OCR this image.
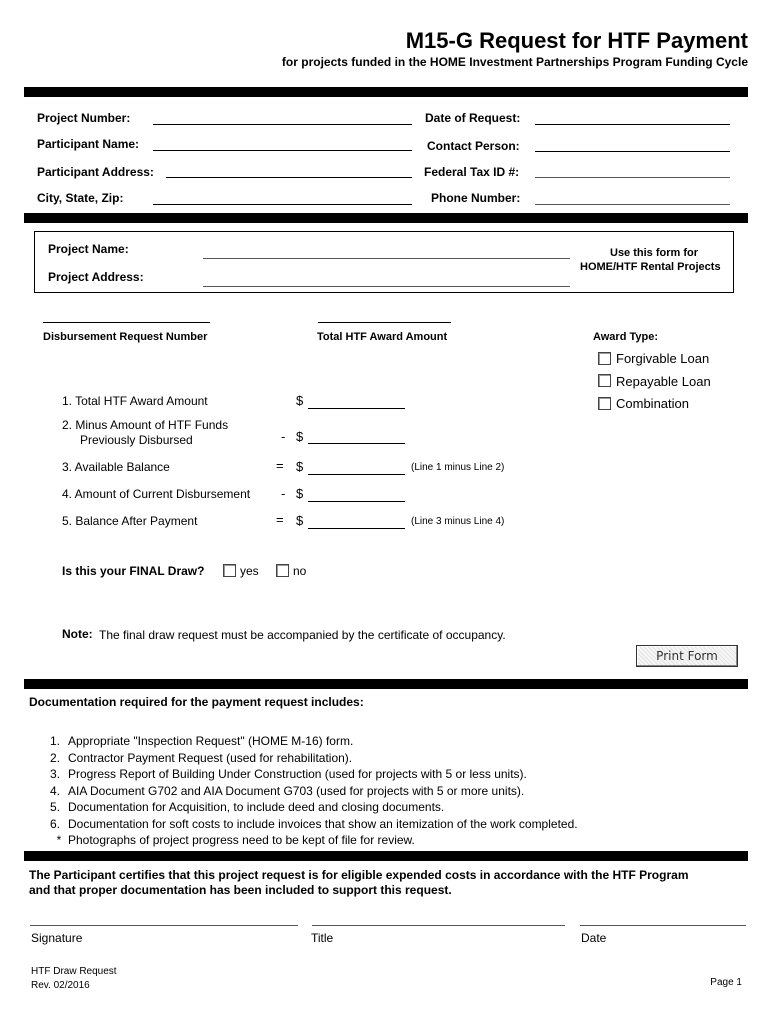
M15-G Request for HTF Payment
for projects funded in the HOME Investment Partnerships Program Funding Cycle
Project Number:
Participant Name:
Participant Address:
City, State, Zip:
Date of Request:
Contact Person:
Federal Tax ID #:
Phone Number:
Project Name:
Project Address:
Use this form for
HOME/HTF Rental Projects
Disbursement Request Number	Total HTF Award Amount	Award Type:
Forgivable Loan
Repayable Loan
Combination
1. Total HTF Award Amount	$
2. Minus Amount of HTF Funds
Previously Disbursed	- $
3. Available Balance	= $	(Line 1 minus Line 2)
4. Amount of Current Disbursement - $
5. Balance After Payment	= $	(Line 3 minus Line 4)
Is this your FINAL Draw?	yes	no
Note: The final draw request must be accompanied by the certificate of occupancy.
Print Form
Documentation required for the payment request includes:
1. Appropriate "Inspection Request" (HOME M-16) form.
2. Contractor Payment Request (used for rehabilitation).
3. Progress Report of Building Under Construction (used for projects with 5 or less units).
4. AIA Document G702 and AIA Document G703 (used for projects with 5 or more units).
5. Documentation for Acquisition, to include deed and closing documents.
6. Documentation for soft costs to include invoices that show an itemization of the work completed.
* Photographs of project progress need to be kept of file for review.
The Participant certifies that this project request is for eligible expended costs in accordance with the HTF Program
and that proper documentation has been included to support this request.
Signature	Title	Date
HTF Draw Request
Rev. 02/2016	Page 1
